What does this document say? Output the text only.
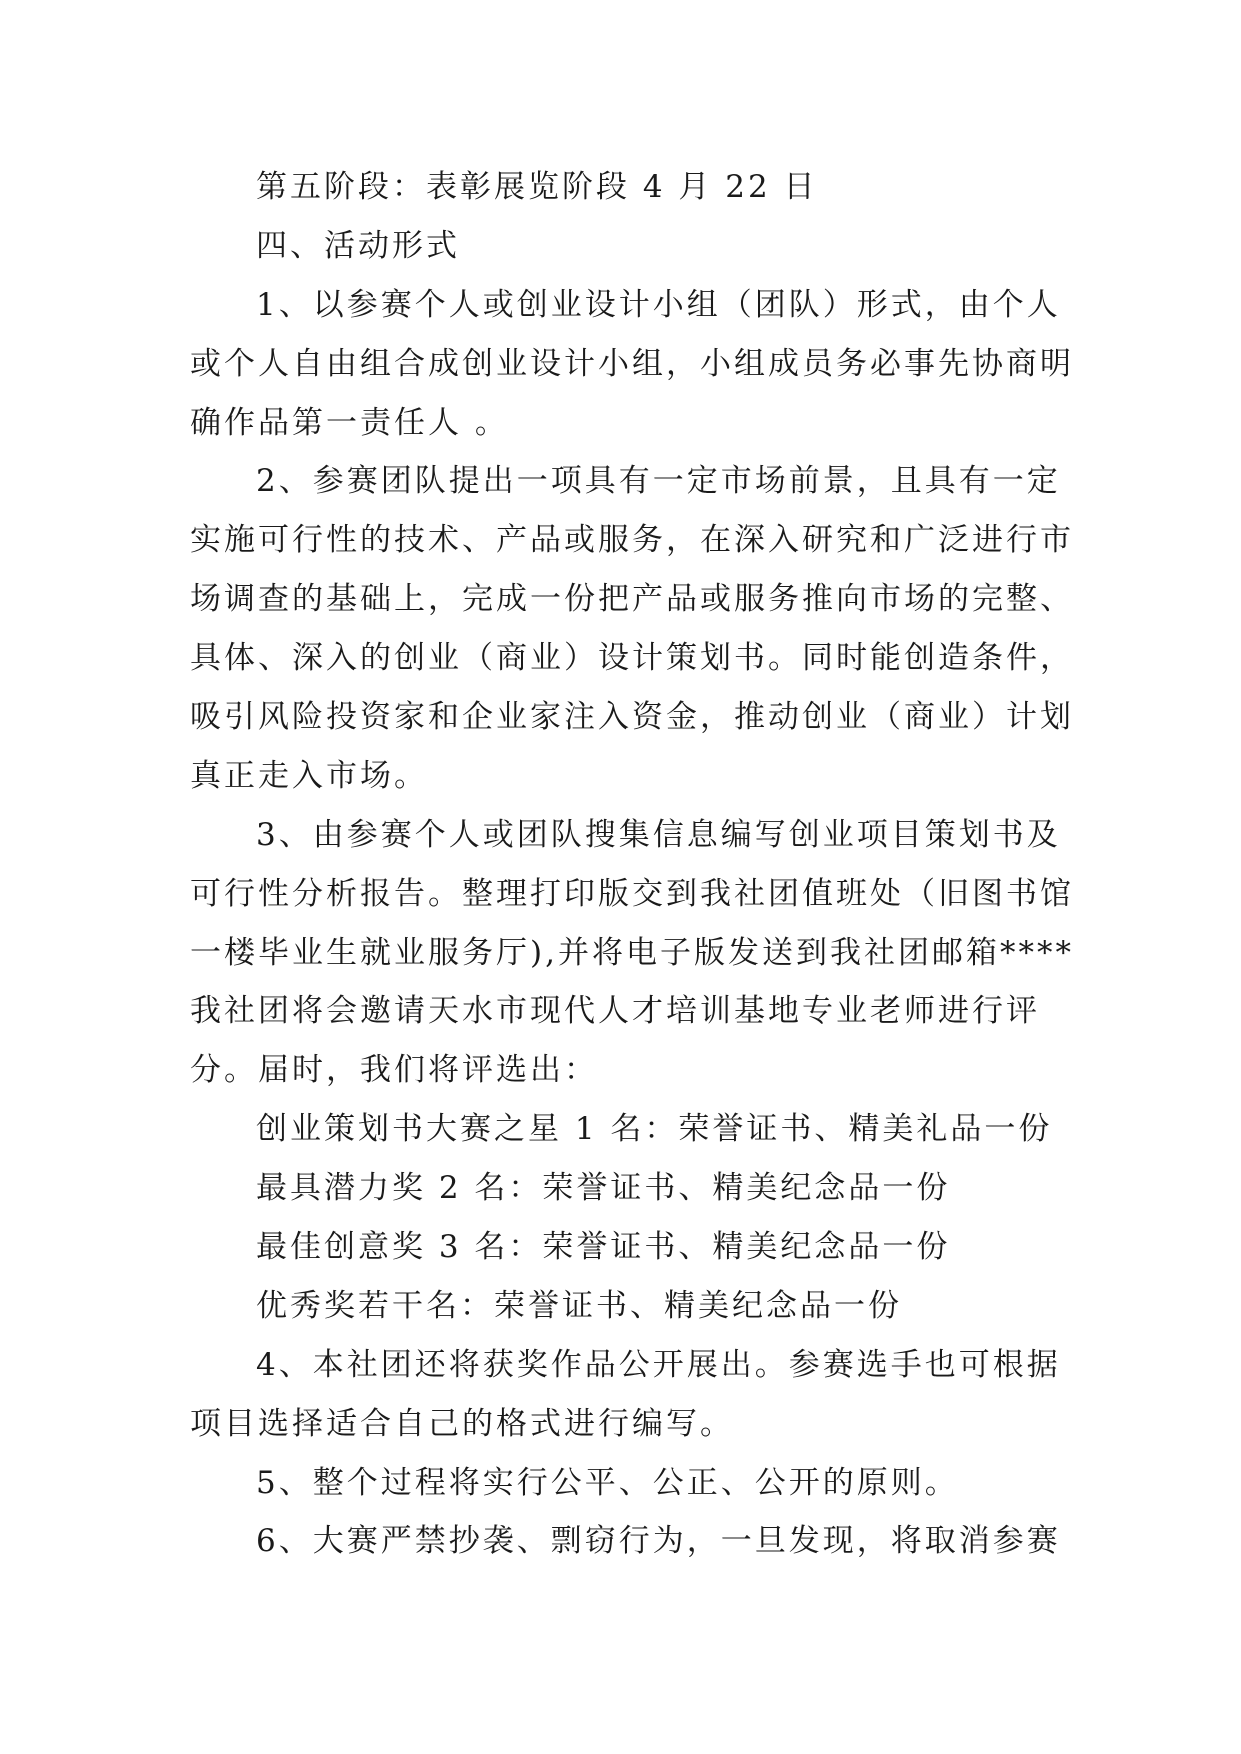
第五阶段：表彰展览阶段 4 月 22 日
四、活动形式
1、以参赛个人或创业设计小组（团队）形式，由个人
或个人自由组合成创业设计小组，小组成员务必事先协商明
确作品第一责任人 。
2、参赛团队提出一项具有一定市场前景，且具有一定
实施可行性的技术、产品或服务，在深入研究和广泛进行市
场调查的基础上，完成一份把产品或服务推向市场的完整、
具体、深入的创业（商业）设计策划书。同时能创造条件，
吸引风险投资家和企业家注入资金，推动创业（商业）计划
真正走入市场。
3、由参赛个人或团队搜集信息编写创业项目策划书及
可行性分析报告。整理打印版交到我社团值班处（旧图书馆
一楼毕业生就业服务厅),并将电子版发送到我社团邮箱****
我社团将会邀请天水市现代人才培训基地专业老师进行评
分。届时，我们将评选出：
创业策划书大赛之星 1 名：荣誉证书、精美礼品一份
最具潜力奖 2 名：荣誉证书、精美纪念品一份
最佳创意奖 3 名：荣誉证书、精美纪念品一份
优秀奖若干名：荣誉证书、精美纪念品一份
4、本社团还将获奖作品公开展出。参赛选手也可根据
项目选择适合自己的格式进行编写。
5、整个过程将实行公平、公正、公开的原则。
6、大赛严禁抄袭、剽窃行为，一旦发现，将取消参赛
